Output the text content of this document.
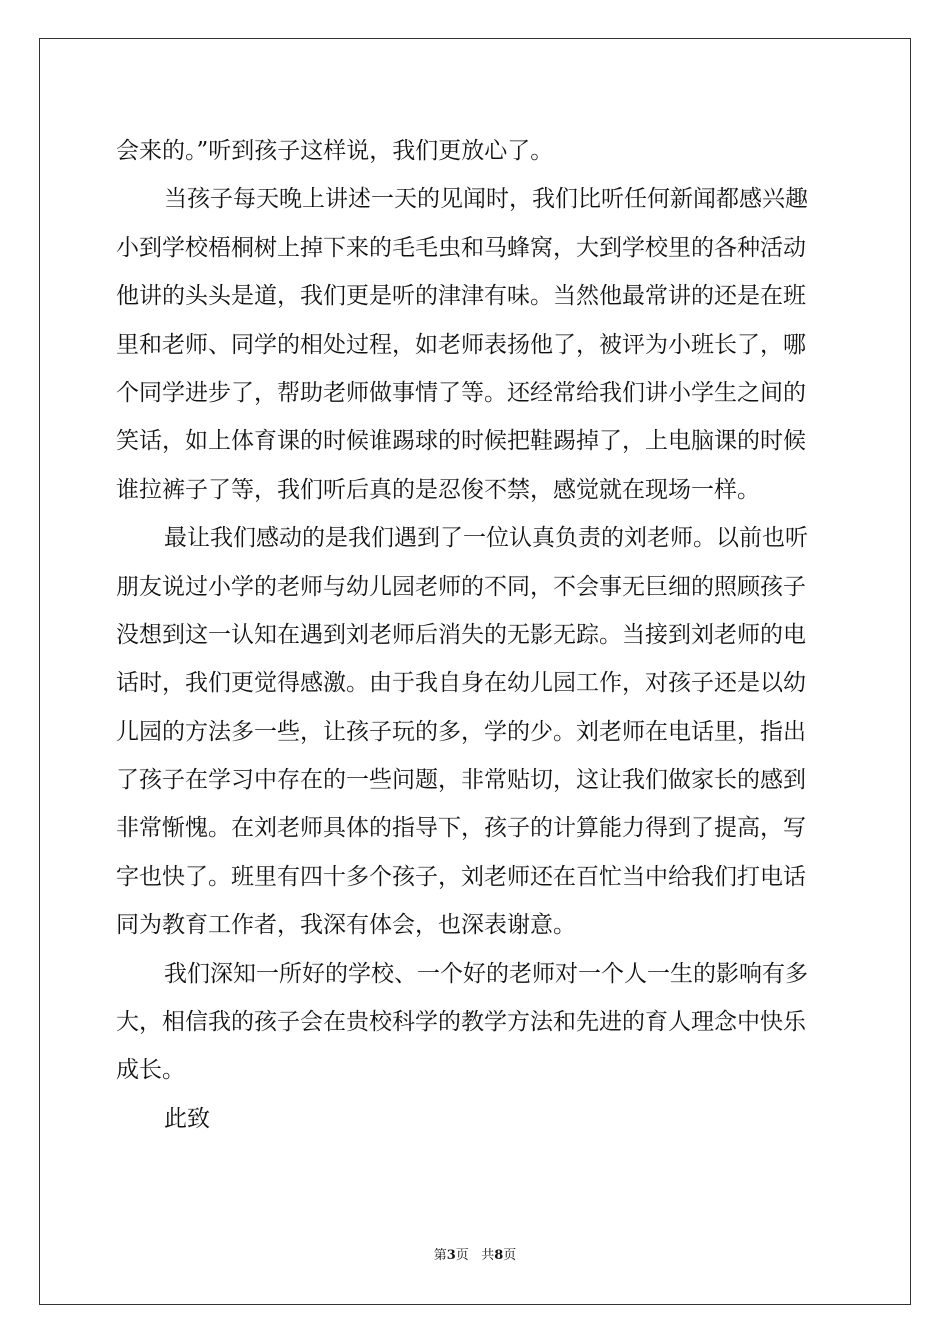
会来的。”听到孩子这样说，我们更放心了。
当孩子每天晚上讲述一天的见闻时，我们比听任何新闻都感兴趣
小到学校梧桐树上掉下来的毛毛虫和马蜂窝，大到学校里的各种活动
他讲的头头是道，我们更是听的津津有味。当然他最常讲的还是在班
里和老师、同学的相处过程，如老师表扬他了，被评为小班长了，哪
个同学进步了，帮助老师做事情了等。还经常给我们讲小学生之间的
笑话，如上体育课的时候谁踢球的时候把鞋踢掉了，上电脑课的时候
谁拉裤子了等，我们听后真的是忍俊不禁，感觉就在现场一样。
最让我们感动的是我们遇到了一位认真负责的刘老师。以前也听
朋友说过小学的老师与幼儿园老师的不同，不会事无巨细的照顾孩子
没想到这一认知在遇到刘老师后消失的无影无踪。当接到刘老师的电
话时，我们更觉得感激。由于我自身在幼儿园工作，对孩子还是以幼
儿园的方法多一些，让孩子玩的多，学的少。刘老师在电话里，指出
了孩子在学习中存在的一些问题，非常贴切，这让我们做家长的感到
非常惭愧。在刘老师具体的指导下，孩子的计算能力得到了提高，写
字也快了。班里有四十多个孩子，刘老师还在百忙当中给我们打电话
同为教育工作者，我深有体会，也深表谢意。
我们深知一所好的学校、一个好的老师对一个人一生的影响有多
大，相信我的孩子会在贵校科学的教学方法和先进的育人理念中快乐
成长。
此致
第3页 共8页
